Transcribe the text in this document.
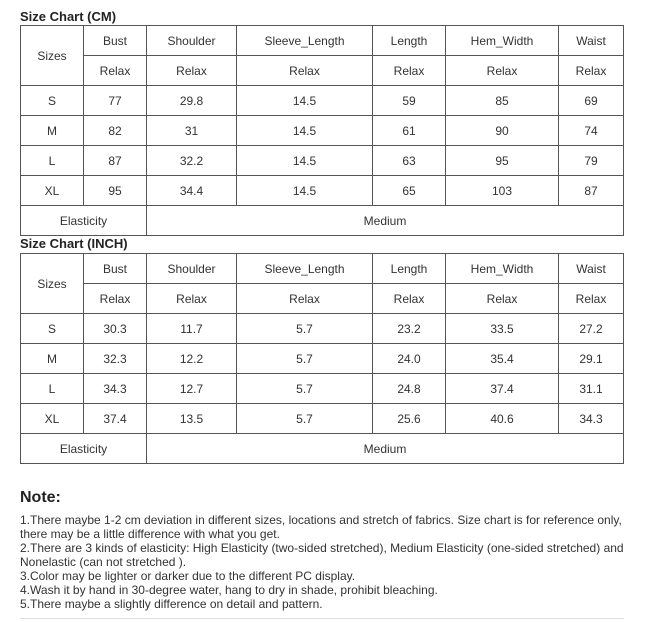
Size Chart (CM)
Sizes	Bust	Shoulder	Sleeve_Length	Length	Hem_Width	Waist
	Relax	Relax	Relax	Relax	Relax	Relax
S	77	29.8	14.5	59	85	69
M	82	31	14.5	61	90	74
L	87	32.2	14.5	63	95	79
XL	95	34.4	14.5	65	103	87
Elasticity		Medium				
Size Chart (INCH)
Sizes	Bust	Shoulder	Sleeve_Length	Length	Hem_Width	Waist
	Relax	Relax	Relax	Relax	Relax	Relax
S	30.3	11.7	5.7	23.2	33.5	27.2
M	32.3	12.2	5.7	24.0	35.4	29.1
L	34.3	12.7	5.7	24.8	37.4	31.1
XL	37.4	13.5	5.7	25.6	40.6	34.3
Elasticity		Medium				
Note:

1.There maybe 1-2 cm deviation in different sizes, locations and stretch of fabrics. Size chart is for reference only, there may be a little difference with what you get.

2.There are 3 kinds of elasticity: High Elasticity (two-sided stretched), Medium Elasticity (one-sided stretched) and Nonelastic (can not stretched ).

3.Color may be lighter or darker due to the different PC display.

4.Wash it by hand in 30-degree water, hang to dry in shade, prohibit bleaching.

5.There maybe a slightly difference on detail and pattern.
